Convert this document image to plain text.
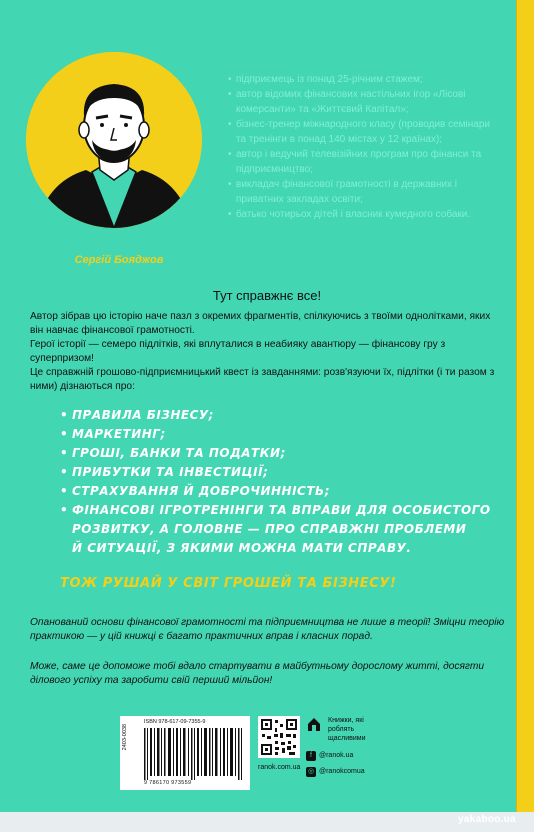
Сергій Бояджов
• підприємець із понад 25-річним стажем;
• автор відомих фінансових настільних ігор «Лісові комерсанти» та «Життєвий Капітал»;
• бізнес-тренер міжнародного класу (проводив семінари та тренінги в понад 140 містах у 12 країнах);
• автор і ведучий телевізійних програм про фінанси та підприємництво;
• викладач фінансової грамотності в державних і приватних закладах освіти;
• батько чотирьох дітей і власник кумедного собаки.
Тут справжнє все!
Автор зібрав цю історію наче пазл з окремих фрагментів, спілкуючись з твоїми однолітками, яких він навчає фінансової грамотності.
Герої історії — семеро підлітків, які вплуталися в неабияку авантюру — фінансову гру з суперпризом!
Це справжній грошово-підприємницький квест із завданнями: розв'язуючи їх, підлітки (і ти разом з ними) дізнаються про:
• ПРАВИЛА БІЗНЕСУ;
• МАРКЕТИНГ;
• ГРОШІ, БАНКИ ТА ПОДАТКИ;
• ПРИБУТКИ ТА ІНВЕСТИЦІЇ;
• СТРАХУВАННЯ Й ДОБРОЧИННІСТЬ;
• ФІНАНСОВІ ІГРОТРЕНІНГИ ТА ВПРАВИ ДЛЯ ОСОБИСТОГО
РОЗВИТКУ, А ГОЛОВНЕ — ПРО СПРАВЖНІ ПРОБЛЕМИ
Й СИТУАЦІЇ, З ЯКИМИ МОЖНА МАТИ СПРАВУ.
ТОЖ РУШАЙ У СВІТ ГРОШЕЙ ТА БІЗНЕСУ!
Опанований основи фінансової грамотності та підприємництва не лише в теорії! Зміцни теорію практикою — у цій книжці є багато практичних вправ і класних порад.
Може, саме це допоможе тобі вдало стартувати в майбутньому дорослому житті, досягти ділового успіху та заробити свій перший мільйон!
ISBN 978-617-09-7355-9
2403-0038
9 786170 973559
ranok.com.ua
Книжки, які роблять щасливими
f	@ranok.ua
◎ @ranokcomua
yakaboo.ua
